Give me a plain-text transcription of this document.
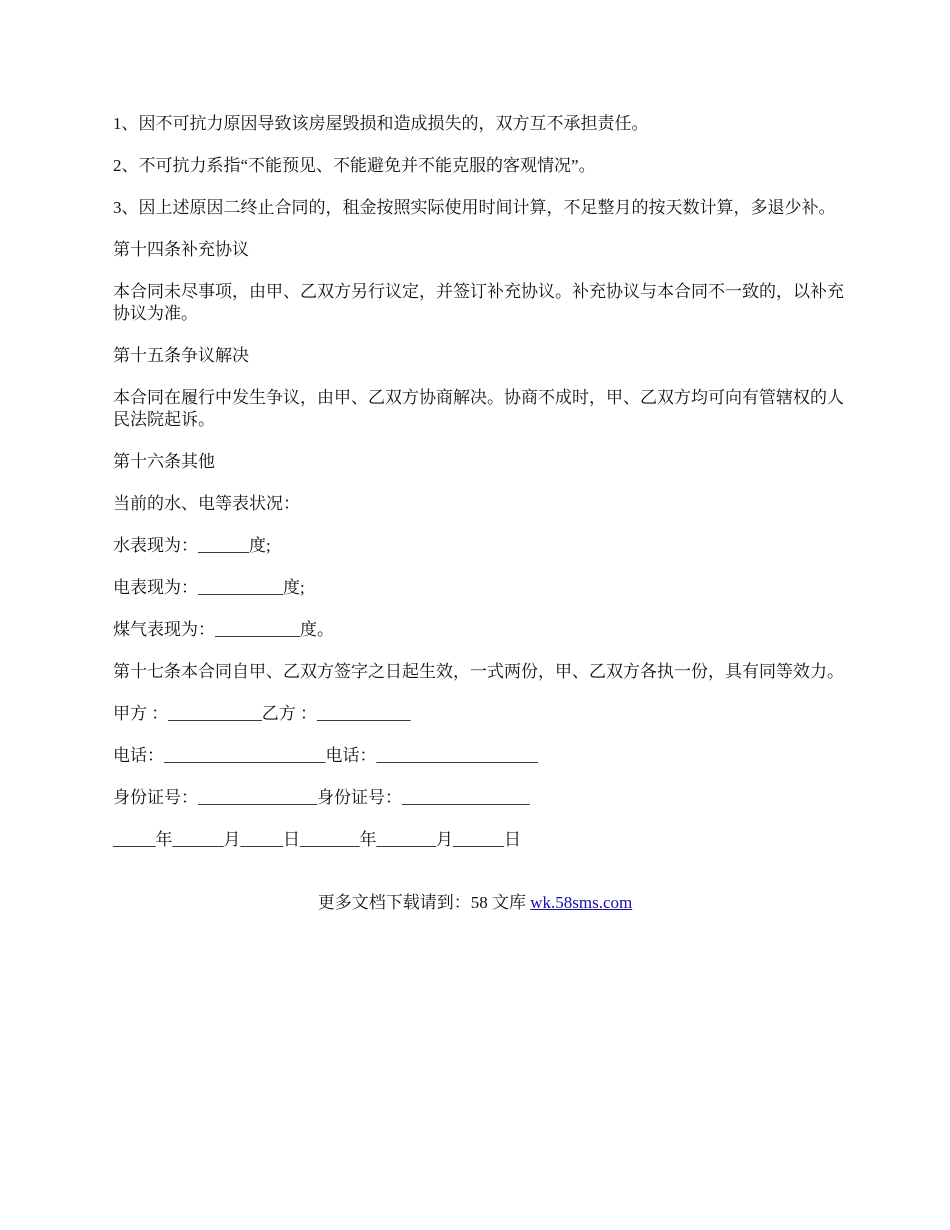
1、因不可抗力原因导致该房屋毁损和造成损失的，双方互不承担责任。

2、不可抗力系指“不能预见、不能避免并不能克服的客观情况”。

3、因上述原因二终止合同的，租金按照实际使用时间计算，不足整月的按天数计算，多退少补。

第十四条补充协议

本合同未尽事项，由甲、乙双方另行议定，并签订补充协议。补充协议与本合同不一致的，以补充协议为准。

第十五条争议解决

本合同在履行中发生争议，由甲、乙双方协商解决。协商不成时，甲、乙双方均可向有管辖权的人民法院起诉。

第十六条其他

当前的水、电等表状况：

水表现为：______度;

电表现为：__________度;

煤气表现为：__________度。

第十七条本合同自甲、乙双方签字之日起生效，一式两份，甲、乙双方各执一份，具有同等效力。

甲方 ：___________乙方 ：___________

电话：___________________电话：___________________

身份证号：______________身份证号：_______________

_____年______月_____日_______年_______月______日

更多文档下载请到：58 文库 wk.58sms.com
